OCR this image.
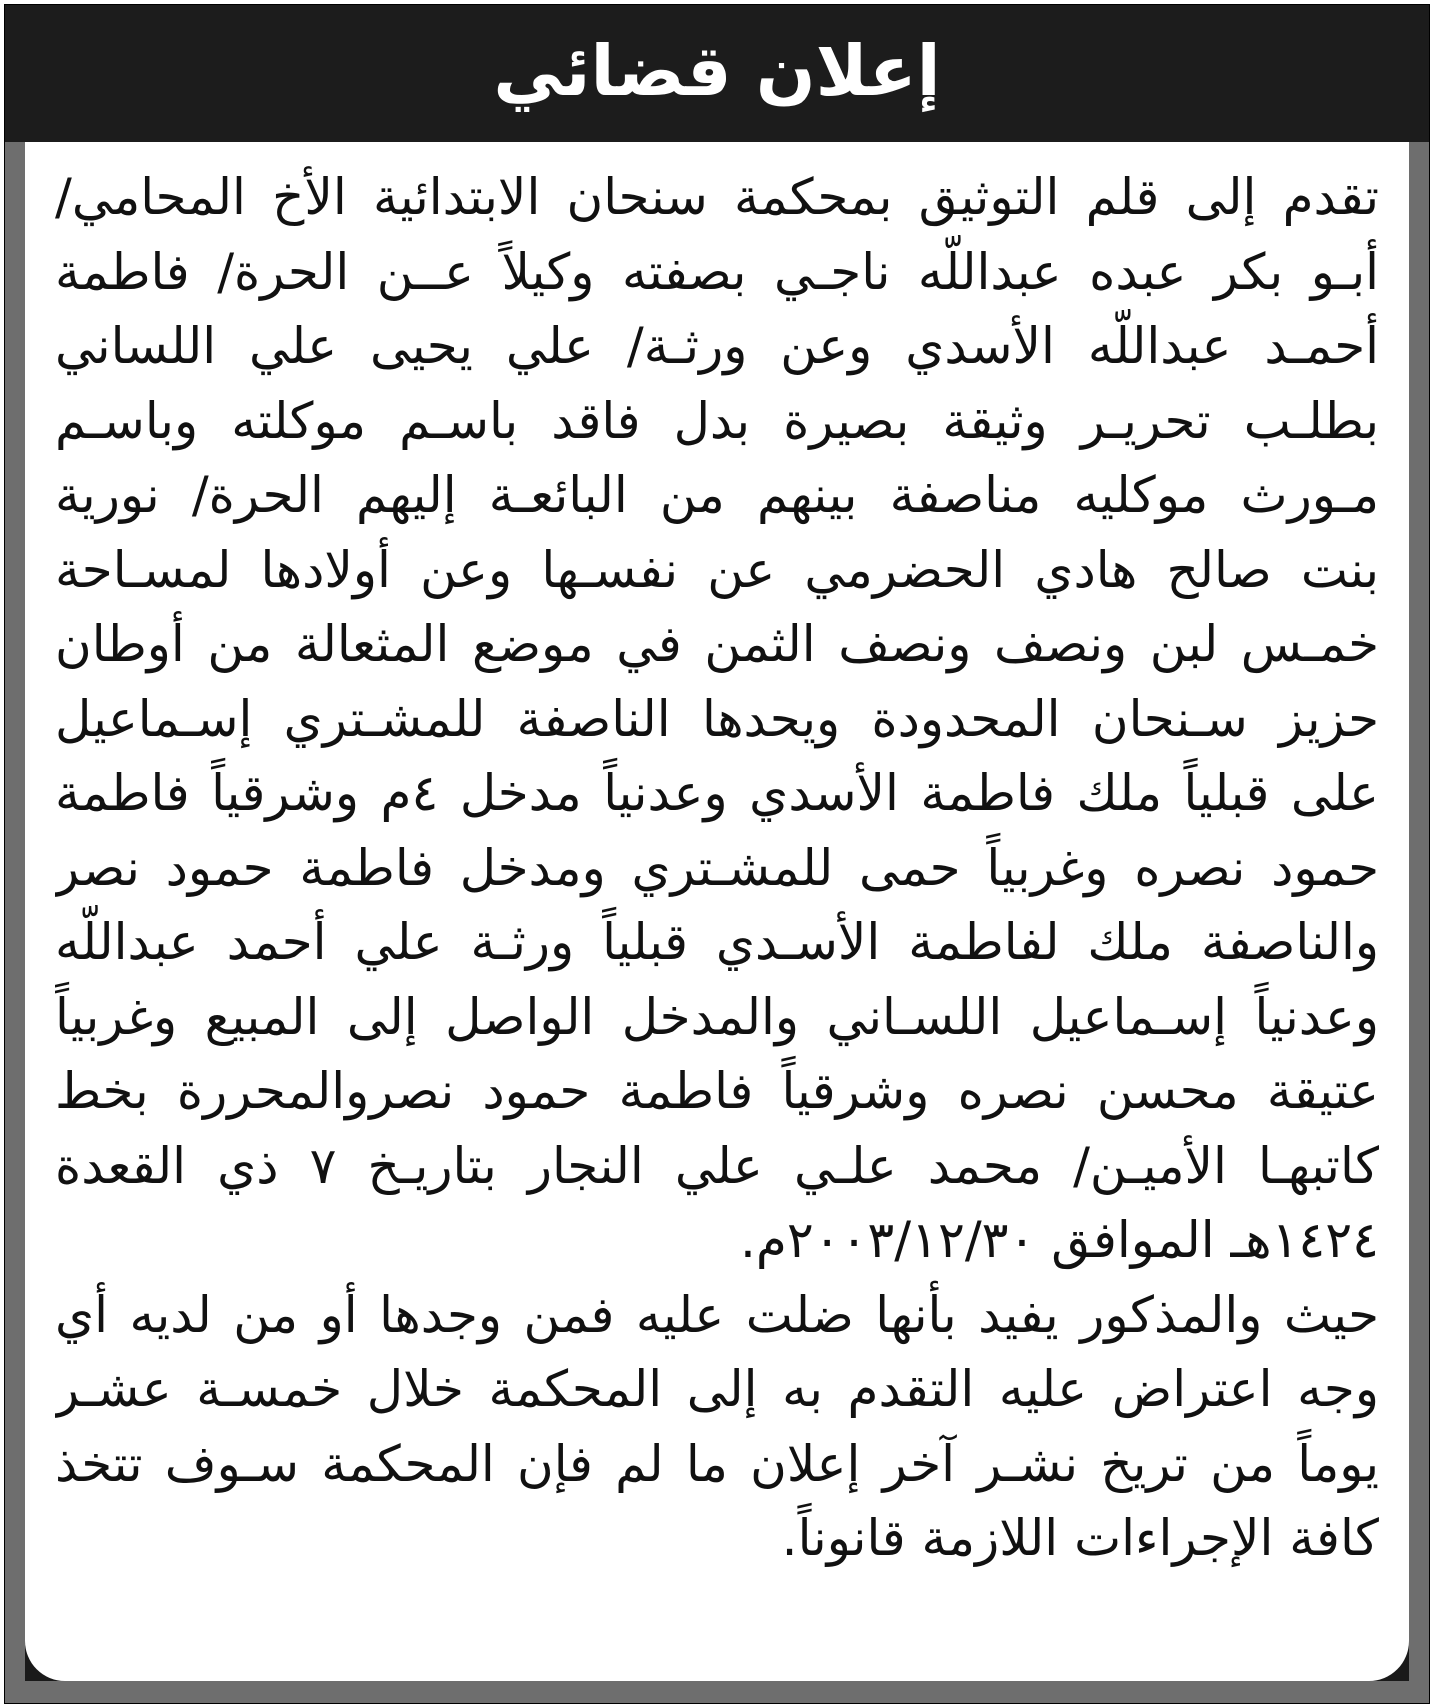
إعلان قضائي
تقدم إلى قلم التوثيق بمحكمة سنحان الابتدائية الأخ المحامي/
أبـو بكر عبده عبداللّه ناجـي بصفته وكيلاً عــن الحرة/ فاطمة
أحمـد عبداللّه الأسدي وعن ورثـة/ علي يحيى علي اللساني
بطلـب تحريـر وثيقة بصيرة بدل فاقد باسـم موكلته وباسـم
مـورث موكليه مناصفة بينهم من البائعـة إليهم الحرة/ نورية
بنت صالح هادي الحضرمي عن نفسـها وعن أولادها لمسـاحة
خمـس لبن ونصف ونصف الثمن في موضع المثعالة من أوطان
حزيز سـنحان المحدودة ويحدها الناصفة للمشـتري إسـماعيل
على قبلياً ملك فاطمة الأسدي وعدنياً مدخل ٤م وشرقياً فاطمة
حمود نصره وغربياً حمى للمشـتري ومدخل فاطمة حمود نصر
والناصفة ملك لفاطمة الأسـدي قبلياً ورثـة علي أحمد عبداللّه
وعدنياً إسـماعيل اللسـاني والمدخل الواصل إلى المبيع وغربياً
عتيقة محسن نصره وشرقياً فاطمة حمود نصروالمحررة بخط
كاتبهـا الأميـن/ محمد علـي علي النجار بتاريـخ ٧ ذي القعدة
١٤٢٤هـ الموافق ٢٠٠٣/١٢/٣٠م.
حيث والمذكور يفيد بأنها ضلت عليه فمن وجدها أو من لديه أي
وجه اعتراض عليه التقدم به إلى المحكمة خلال خمسـة عشـر
يوماً من تريخ نشـر آخر إعلان ما لم فإن المحكمة سـوف تتخذ
كافة الإجراءات اللازمة قانوناً.
